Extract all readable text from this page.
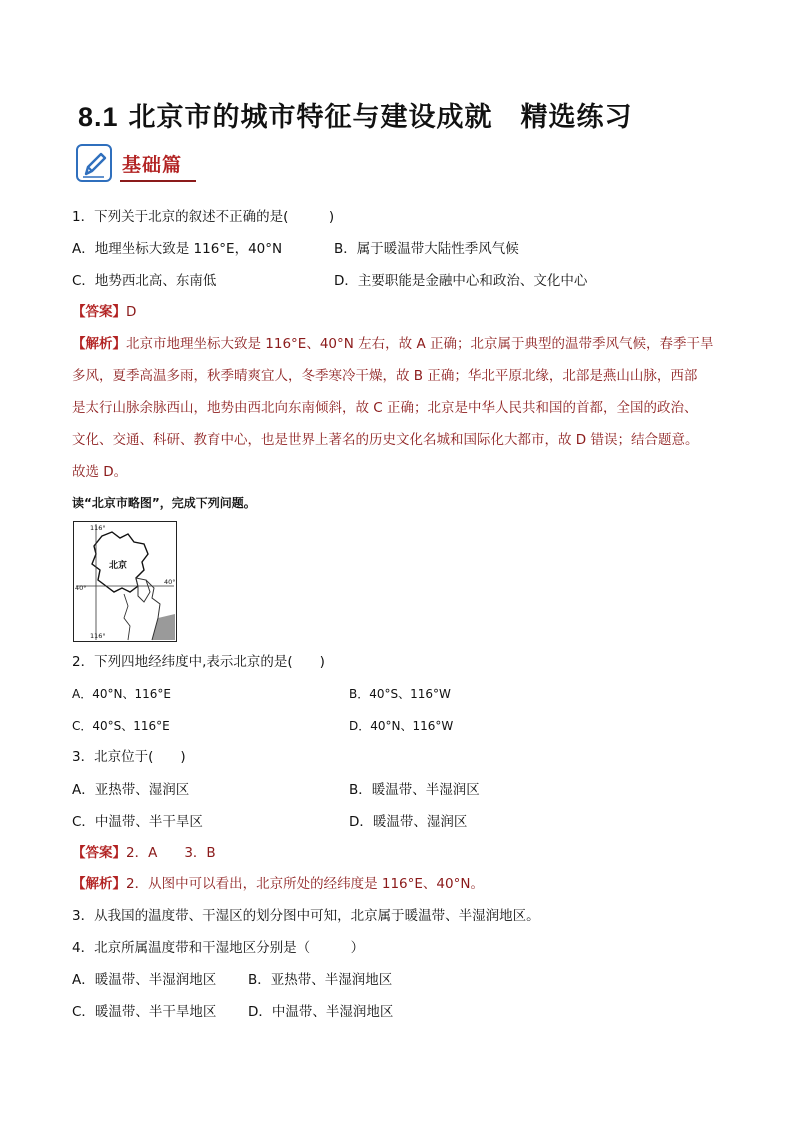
8.1 北京市的城市特征与建设成就 精选练习
基础篇
1．下列关于北京的叙述不正确的是(　　　)
A．地理坐标大致是 116°E，40°N	B．属于暖温带大陆性季风气候
C．地势西北高、东南低	D．主要职能是金融中心和政治、文化中心
【答案】D
【解析】北京市地理坐标大致是 116°E、40°N 左右，故 A 正确；北京属于典型的温带季风气候，春季干旱
多风，夏季高温多雨，秋季晴爽宜人，冬季寒冷干燥，故 B 正确；华北平原北缘，北部是燕山山脉，西部
是太行山脉余脉西山，地势由西北向东南倾斜，故 C 正确；北京是中华人民共和国的首都，全国的政治、
文化、交通、科研、教育中心，也是世界上著名的历史文化名城和国际化大都市，故 D 错误；结合题意。
故选 D。
读“北京市略图”，完成下列问题。
116°
116°
40°
40°
北京
2．下列四地经纬度中,表示北京的是(　　)
A．40°N、116°E	B．40°S、116°W
C．40°S、116°E	D．40°N、116°W
3．北京位于(　　)
A．亚热带、湿润区	B．暖温带、半湿润区
C．中温带、半干旱区	D．暖温带、湿润区
【答案】2．A　　3．B
【解析】2．从图中可以看出，北京所处的经纬度是 116°E、40°N。
3．从我国的温度带、干湿区的划分图中可知，北京属于暖温带、半湿润地区。
4．北京所属温度带和干湿地区分别是（　　　）
A．暖温带、半湿润地区 B．亚热带、半湿润地区
C．暖温带、半干旱地区 D．中温带、半湿润地区
